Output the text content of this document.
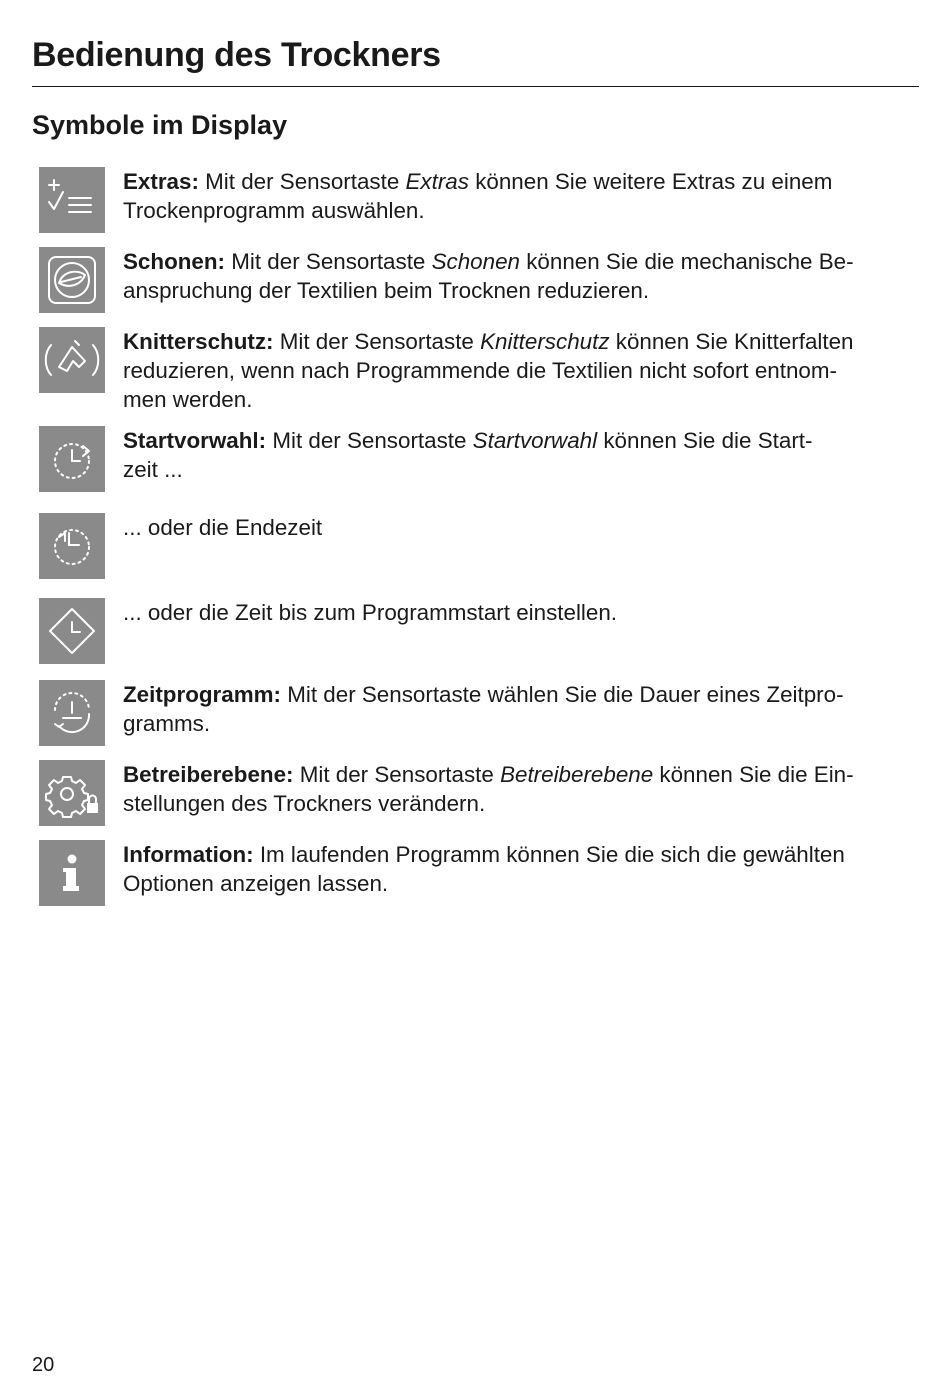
Bedienung des Trockners
Symbole im Display
Extras: Mit der Sensortaste Extras können Sie weitere Extras zu einem
Trockenprogramm auswählen.
Schonen: Mit der Sensortaste Schonen können Sie die mechanische Be-
anspruchung der Textilien beim Trocknen reduzieren.
Knitterschutz: Mit der Sensortaste Knitterschutz können Sie Knitterfalten
reduzieren, wenn nach Programmende die Textilien nicht sofort entnom-
men werden.
Startvorwahl: Mit der Sensortaste Startvorwahl können Sie die Start-
zeit ...
... oder die Endezeit
... oder die Zeit bis zum Programmstart einstellen.
Zeitprogramm: Mit der Sensortaste wählen Sie die Dauer eines Zeitpro-
gramms.
Betreiberebene: Mit der Sensortaste Betreiberebene können Sie die Ein-
stellungen des Trockners verändern.
Information: Im laufenden Programm können Sie die sich die gewählten
Optionen anzeigen lassen.
20
